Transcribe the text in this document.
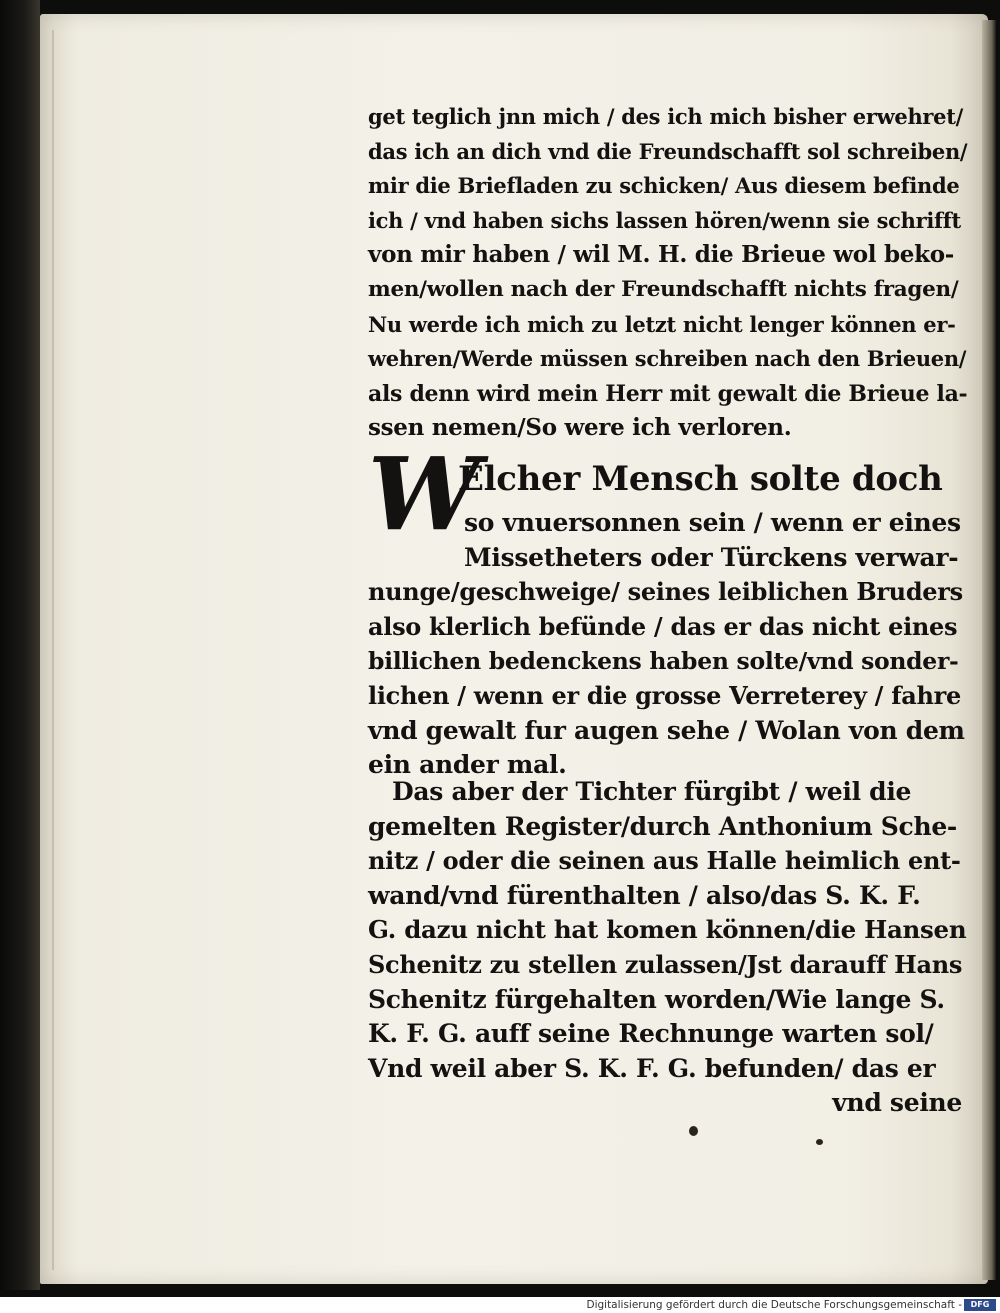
get teglich jnn mich / des ich mich bisher erwehret/
das ich an dich vnd die Freundschafft sol schreiben/
mir die Briefladen zu schicken/ Aus diesem befinde
ich / vnd haben sichs lassen hören/wenn sie schrifft
von mir haben / wil M. H. die Brieue wol beko-
men/wollen nach der Freundschafft nichts fragen/
Nu werde ich mich zu letzt nicht lenger können er-
wehren/Werde müssen schreiben nach den Brieuen/
als denn wird mein Herr mit gewalt die Brieue la-
ssen nemen/So were ich verloren.
W
Elcher Mensch solte doch
so vnuersonnen sein / wenn er eines
Missetheters oder Türckens verwar-
nunge/geschweige/ seines leiblichen Bruders
also klerlich befünde / das er das nicht eines
billichen bedenckens haben solte/vnd sonder-
lichen / wenn er die grosse Verreterey / fahre
vnd gewalt fur augen sehe / Wolan von dem
ein ander mal.
Das aber der Tichter fürgibt / weil die
gemelten Register/durch Anthonium Sche-
nitz / oder die seinen aus Halle heimlich ent-
wand/vnd fürenthalten / also/das S. K. F.
G. dazu nicht hat komen können/die Hansen
Schenitz zu stellen zulassen/Jst darauff Hans
Schenitz fürgehalten worden/Wie lange S.
K. F. G. auff seine Rechnunge warten sol/
Vnd weil aber S. K. F. G. befunden/ das er
vnd seine
Digitalisierung gefördert durch die Deutsche Forschungsgemeinschaft -	DFG
